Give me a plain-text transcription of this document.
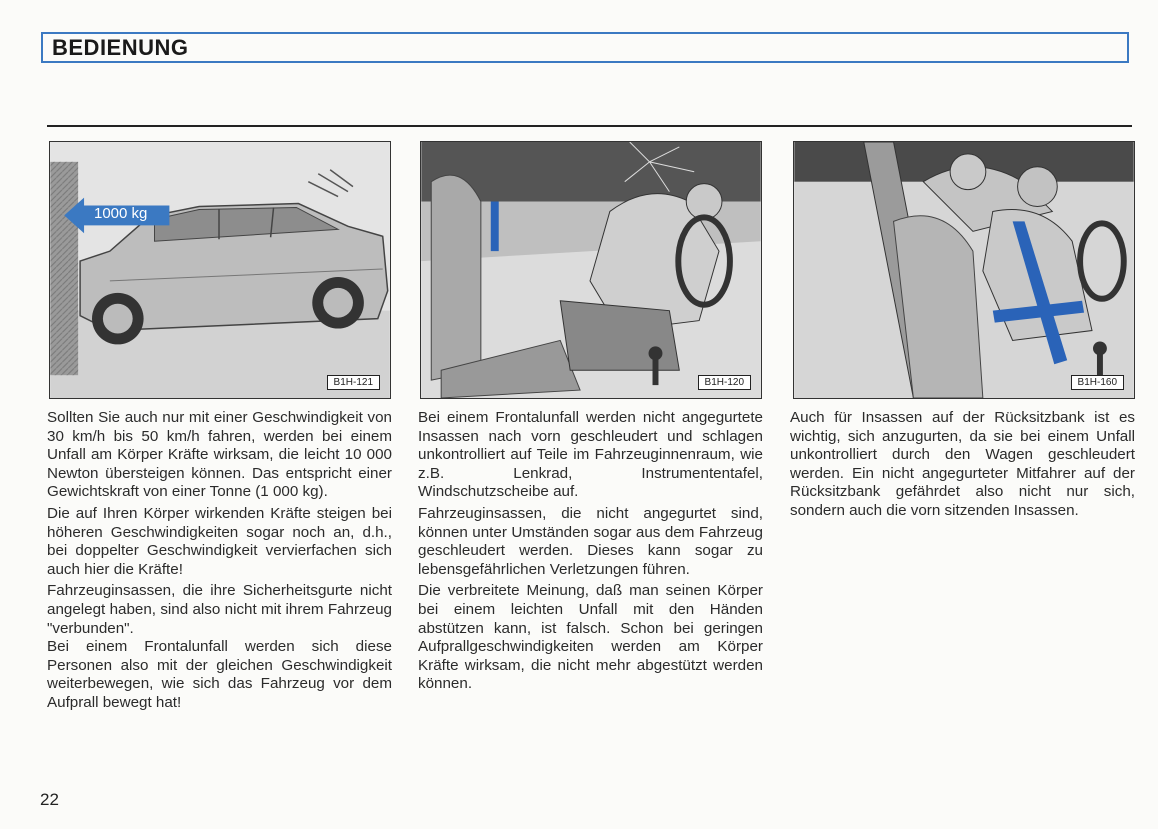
BEDIENUNG
1000 kg
B1H-121	B1H-120	B1H-160

Sollten Sie auch nur mit einer Geschwindigkeit von 30 km/h bis 50 km/h fahren, werden bei einem Unfall am Körper Kräfte wirksam, die leicht 10 000 Newton übersteigen können. Das entspricht einer Gewichtskraft von einer Tonne (1 000 kg).

Die auf Ihren Körper wirkenden Kräfte steigen bei höheren Geschwindigkeiten sogar noch an, d.h., bei doppelter Geschwindigkeit vervierfachen sich auch hier die Kräfte!

Fahrzeuginsassen, die ihre Sicherheitsgurte nicht angelegt haben, sind also nicht mit ihrem Fahrzeug "verbunden".

Bei einem Frontalunfall werden sich diese Personen also mit der gleichen Geschwindigkeit weiterbewegen, wie sich das Fahrzeug vor dem Aufprall bewegt hat!

Bei einem Frontalunfall werden nicht angegurtete Insassen nach vorn geschleudert und schlagen unkontrolliert auf Teile im Fahrzeuginnenraum, wie z.B. Lenkrad, Instrumententafel, Windschutzscheibe auf.

Fahrzeuginsassen, die nicht angegurtet sind, können unter Umständen sogar aus dem Fahrzeug geschleudert werden. Dieses kann sogar zu lebensgefährlichen Verletzungen führen.

Die verbreitete Meinung, daß man seinen Körper bei einem leichten Unfall mit den Händen abstützen kann, ist falsch. Schon bei geringen Aufprallgeschwindigkeiten werden am Körper Kräfte wirksam, die nicht mehr abgestützt werden können.

Auch für Insassen auf der Rücksitzbank ist es wichtig, sich anzugurten, da sie bei einem Unfall unkontrolliert durch den Wagen geschleudert werden. Ein nicht angegurteter Mitfahrer auf der Rücksitzbank gefährdet also nicht nur sich, sondern auch die vorn sitzenden Insassen.

22
